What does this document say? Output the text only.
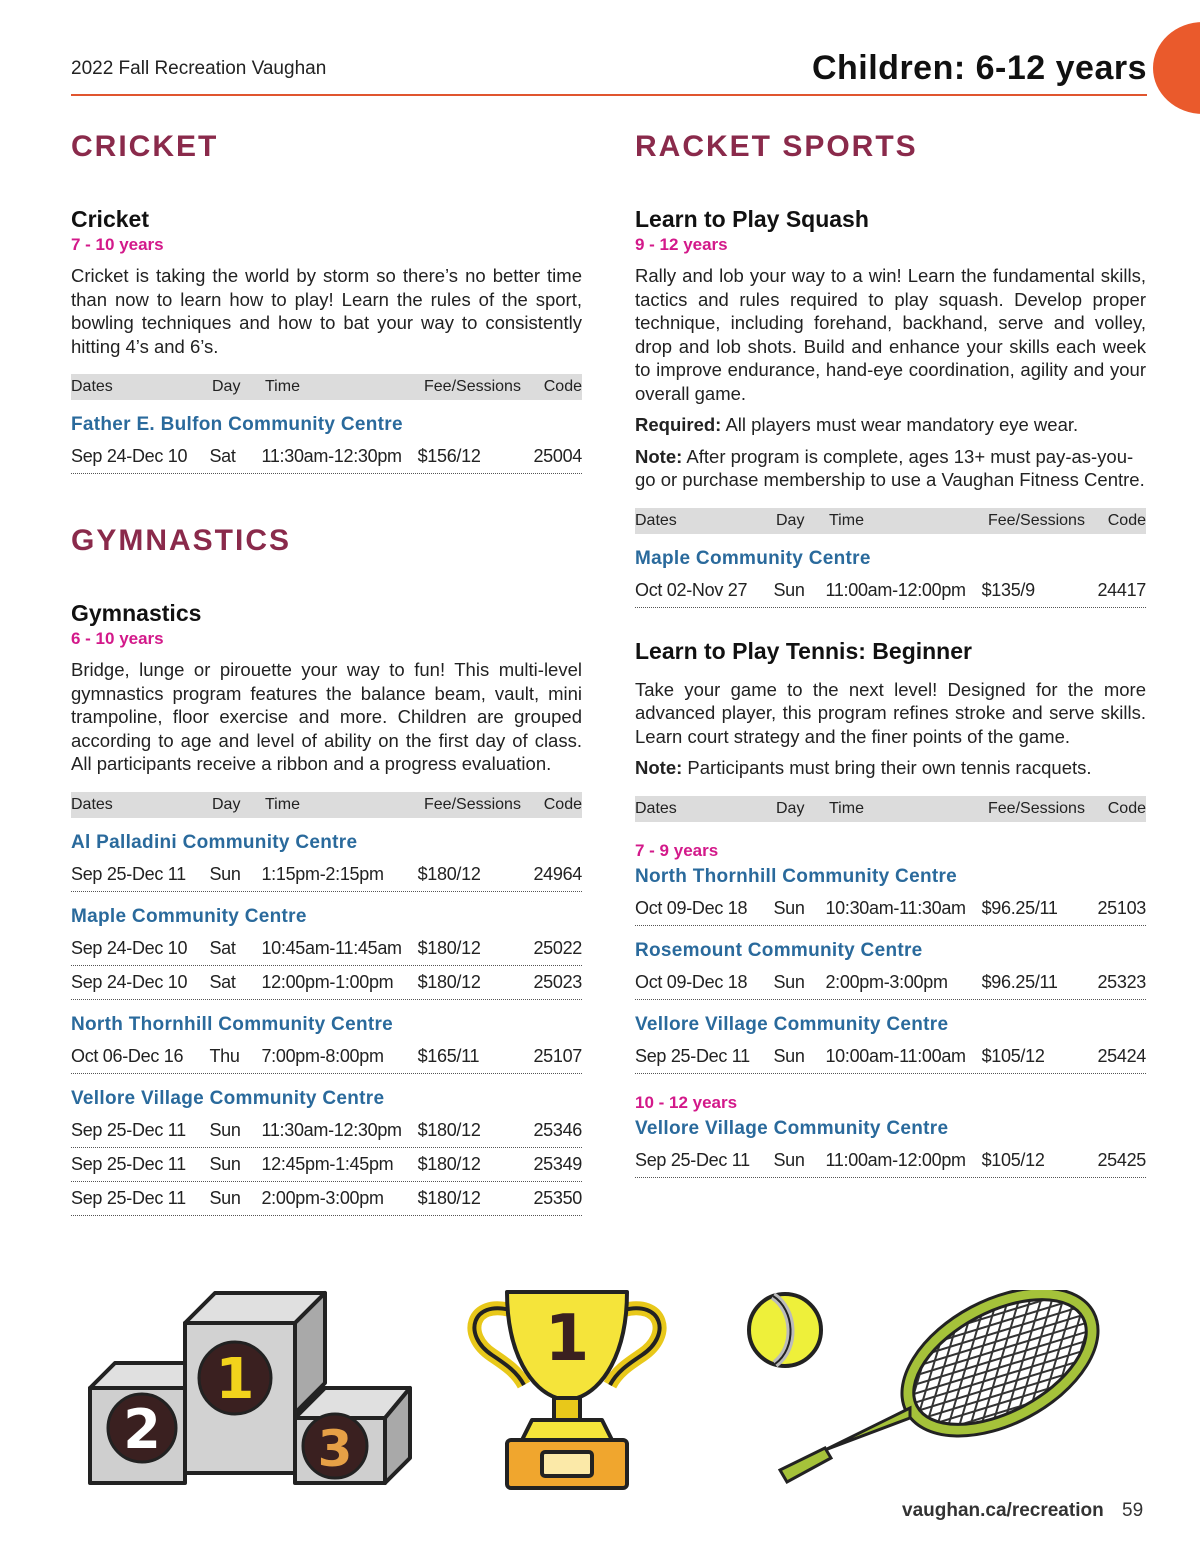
2022 Fall Recreation Vaughan	Children: 6-12 years
CRICKET
Cricket
7 - 10 years

Cricket is taking the world by storm so there’s no better time than now to learn how to play! Learn the rules of the sport, bowling techniques and how to bat your way to consistently hitting 4’s and 6’s.

Dates	Day	Time	Fee/Sessions	Code
Father E. Bulfon Community Centre
Sep 24-Dec 10	Sat	11:30am-12:30pm $156/12	25004
GYMNASTICS
Gymnastics
6 - 10 years

Bridge, lunge or pirouette your way to fun! This multi-level gymnastics program features the balance beam, vault, mini trampoline, floor exercise and more. Children are grouped according to age and level of ability on the first day of class. All participants receive a ribbon and a progress evaluation.

Dates	Day	Time	Fee/Sessions	Code
Al Palladini Community Centre
Sep 25-Dec 11	Sun	1:15pm-2:15pm	$180/12	24964
Maple Community Centre
Sep 24-Dec 10	Sat	10:45am-11:45am $180/12	25022
Sep 24-Dec 10	Sat	12:00pm-1:00pm	$180/12	25023
North Thornhill Community Centre
Oct 06-Dec 16	Thu	7:00pm-8:00pm	$165/11	25107
Vellore Village Community Centre
Sep 25-Dec 11	Sun	11:30am-12:30pm $180/12	25346
Sep 25-Dec 11	Sun	12:45pm-1:45pm	$180/12	25349
Sep 25-Dec 11	Sun	2:00pm-3:00pm	$180/12	25350
RACKET SPORTS
Learn to Play Squash
9 - 12 years

Rally and lob your way to a win! Learn the fundamental skills, tactics and rules required to play squash. Develop proper technique, including forehand, backhand, serve and volley, drop and lob shots. Build and enhance your skills each week to improve endurance, hand-eye coordination, agility and your overall game.

Required: All players must wear mandatory eye wear.

Note: After program is complete, ages 13+ must pay-as-you-go or purchase membership to use a Vaughan Fitness Centre.

Dates	Day	Time	Fee/Sessions	Code
Maple Community Centre
Oct 02-Nov 27	Sun	11:00am-12:00pm $135/9	24417
Learn to Play Tennis: Beginner

Take your game to the next level! Designed for the more advanced player, this program refines stroke and serve skills. Learn court strategy and the finer points of the game.

Note: Participants must bring their own tennis racquets.

Dates	Day	Time	Fee/Sessions	Code
7 - 9 years
North Thornhill Community Centre
Oct 09-Dec 18	Sun	10:30am-11:30am $96.25/11	25103
Rosemount Community Centre
Oct 09-Dec 18	Sun	2:00pm-3:00pm	$96.25/11	25323
Vellore Village Community Centre
Sep 25-Dec 11	Sun	10:00am-11:00am $105/12	25424
10 - 12 years
Vellore Village Community Centre
Sep 25-Dec 11	Sun	11:00am-12:00pm $105/12	25425
1
2	3
1
vaughan.ca/recreation 59
